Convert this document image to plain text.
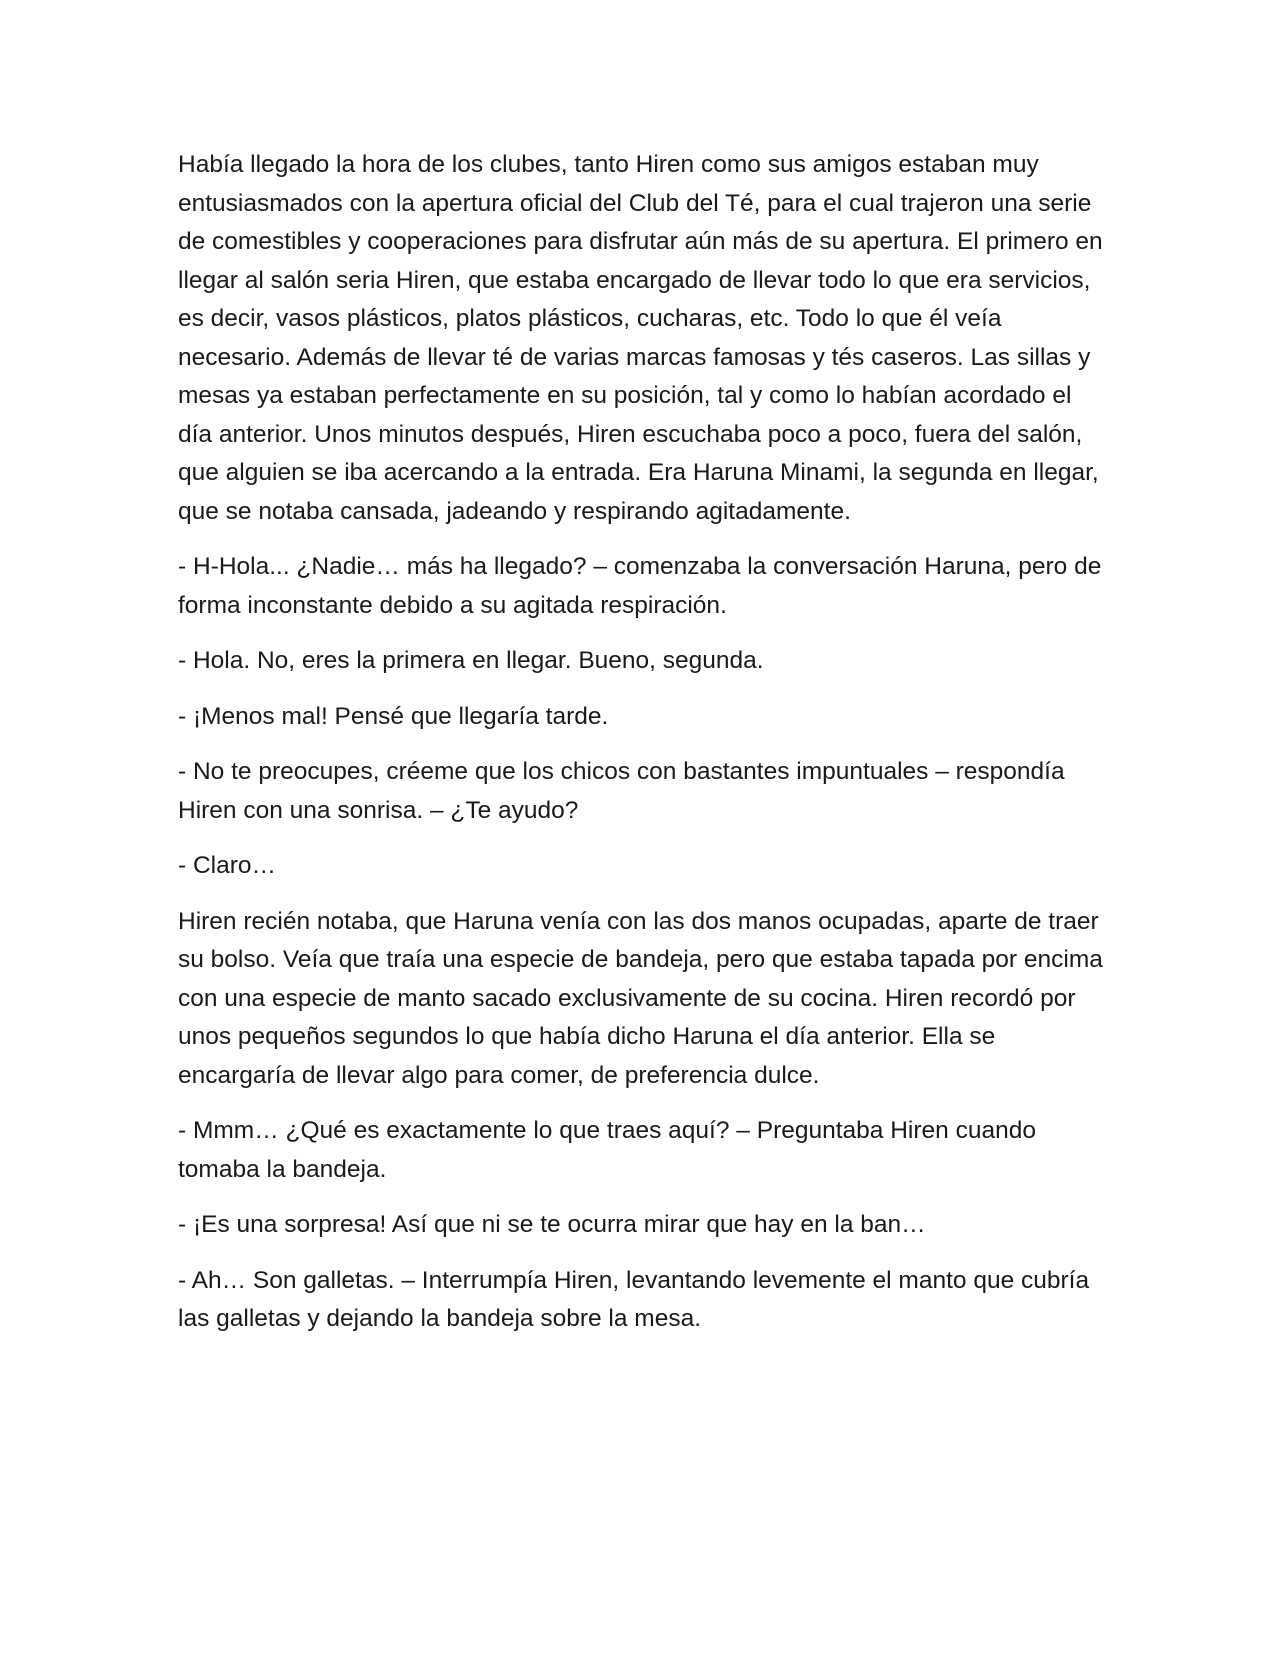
Había llegado la hora de los clubes, tanto Hiren como sus amigos estaban muy entusiasmados con la apertura oficial del Club del Té, para el cual trajeron una serie de comestibles y cooperaciones para disfrutar aún más de su apertura. El primero en llegar al salón seria Hiren, que estaba encargado de llevar todo lo que era servicios, es decir, vasos plásticos, platos plásticos, cucharas, etc. Todo lo que él veía necesario. Además de llevar té de varias marcas famosas y tés caseros. Las sillas y mesas ya estaban perfectamente en su posición, tal y como lo habían acordado el día anterior. Unos minutos después, Hiren escuchaba poco a poco, fuera del salón, que alguien se iba acercando a la entrada. Era Haruna Minami, la segunda en llegar, que se notaba cansada, jadeando y respirando agitadamente.

- H-Hola... ¿Nadie… más ha llegado? – comenzaba la conversación Haruna, pero de forma inconstante debido a su agitada respiración.

- Hola. No, eres la primera en llegar. Bueno, segunda.

- ¡Menos mal! Pensé que llegaría tarde.

- No te preocupes, créeme que los chicos con bastantes impuntuales – respondía Hiren con una sonrisa. – ¿Te ayudo?

- Claro…

Hiren recién notaba, que Haruna venía con las dos manos ocupadas, aparte de traer su bolso. Veía que traía una especie de bandeja, pero que estaba tapada por encima con una especie de manto sacado exclusivamente de su cocina. Hiren recordó por unos pequeños segundos lo que había dicho Haruna el día anterior. Ella se encargaría de llevar algo para comer, de preferencia dulce.

- Mmm… ¿Qué es exactamente lo que traes aquí? – Preguntaba Hiren cuando tomaba la bandeja.

- ¡Es una sorpresa! Así que ni se te ocurra mirar que hay en la ban…

- Ah… Son galletas. – Interrumpía Hiren, levantando levemente el manto que cubría las galletas y dejando la bandeja sobre la mesa.
